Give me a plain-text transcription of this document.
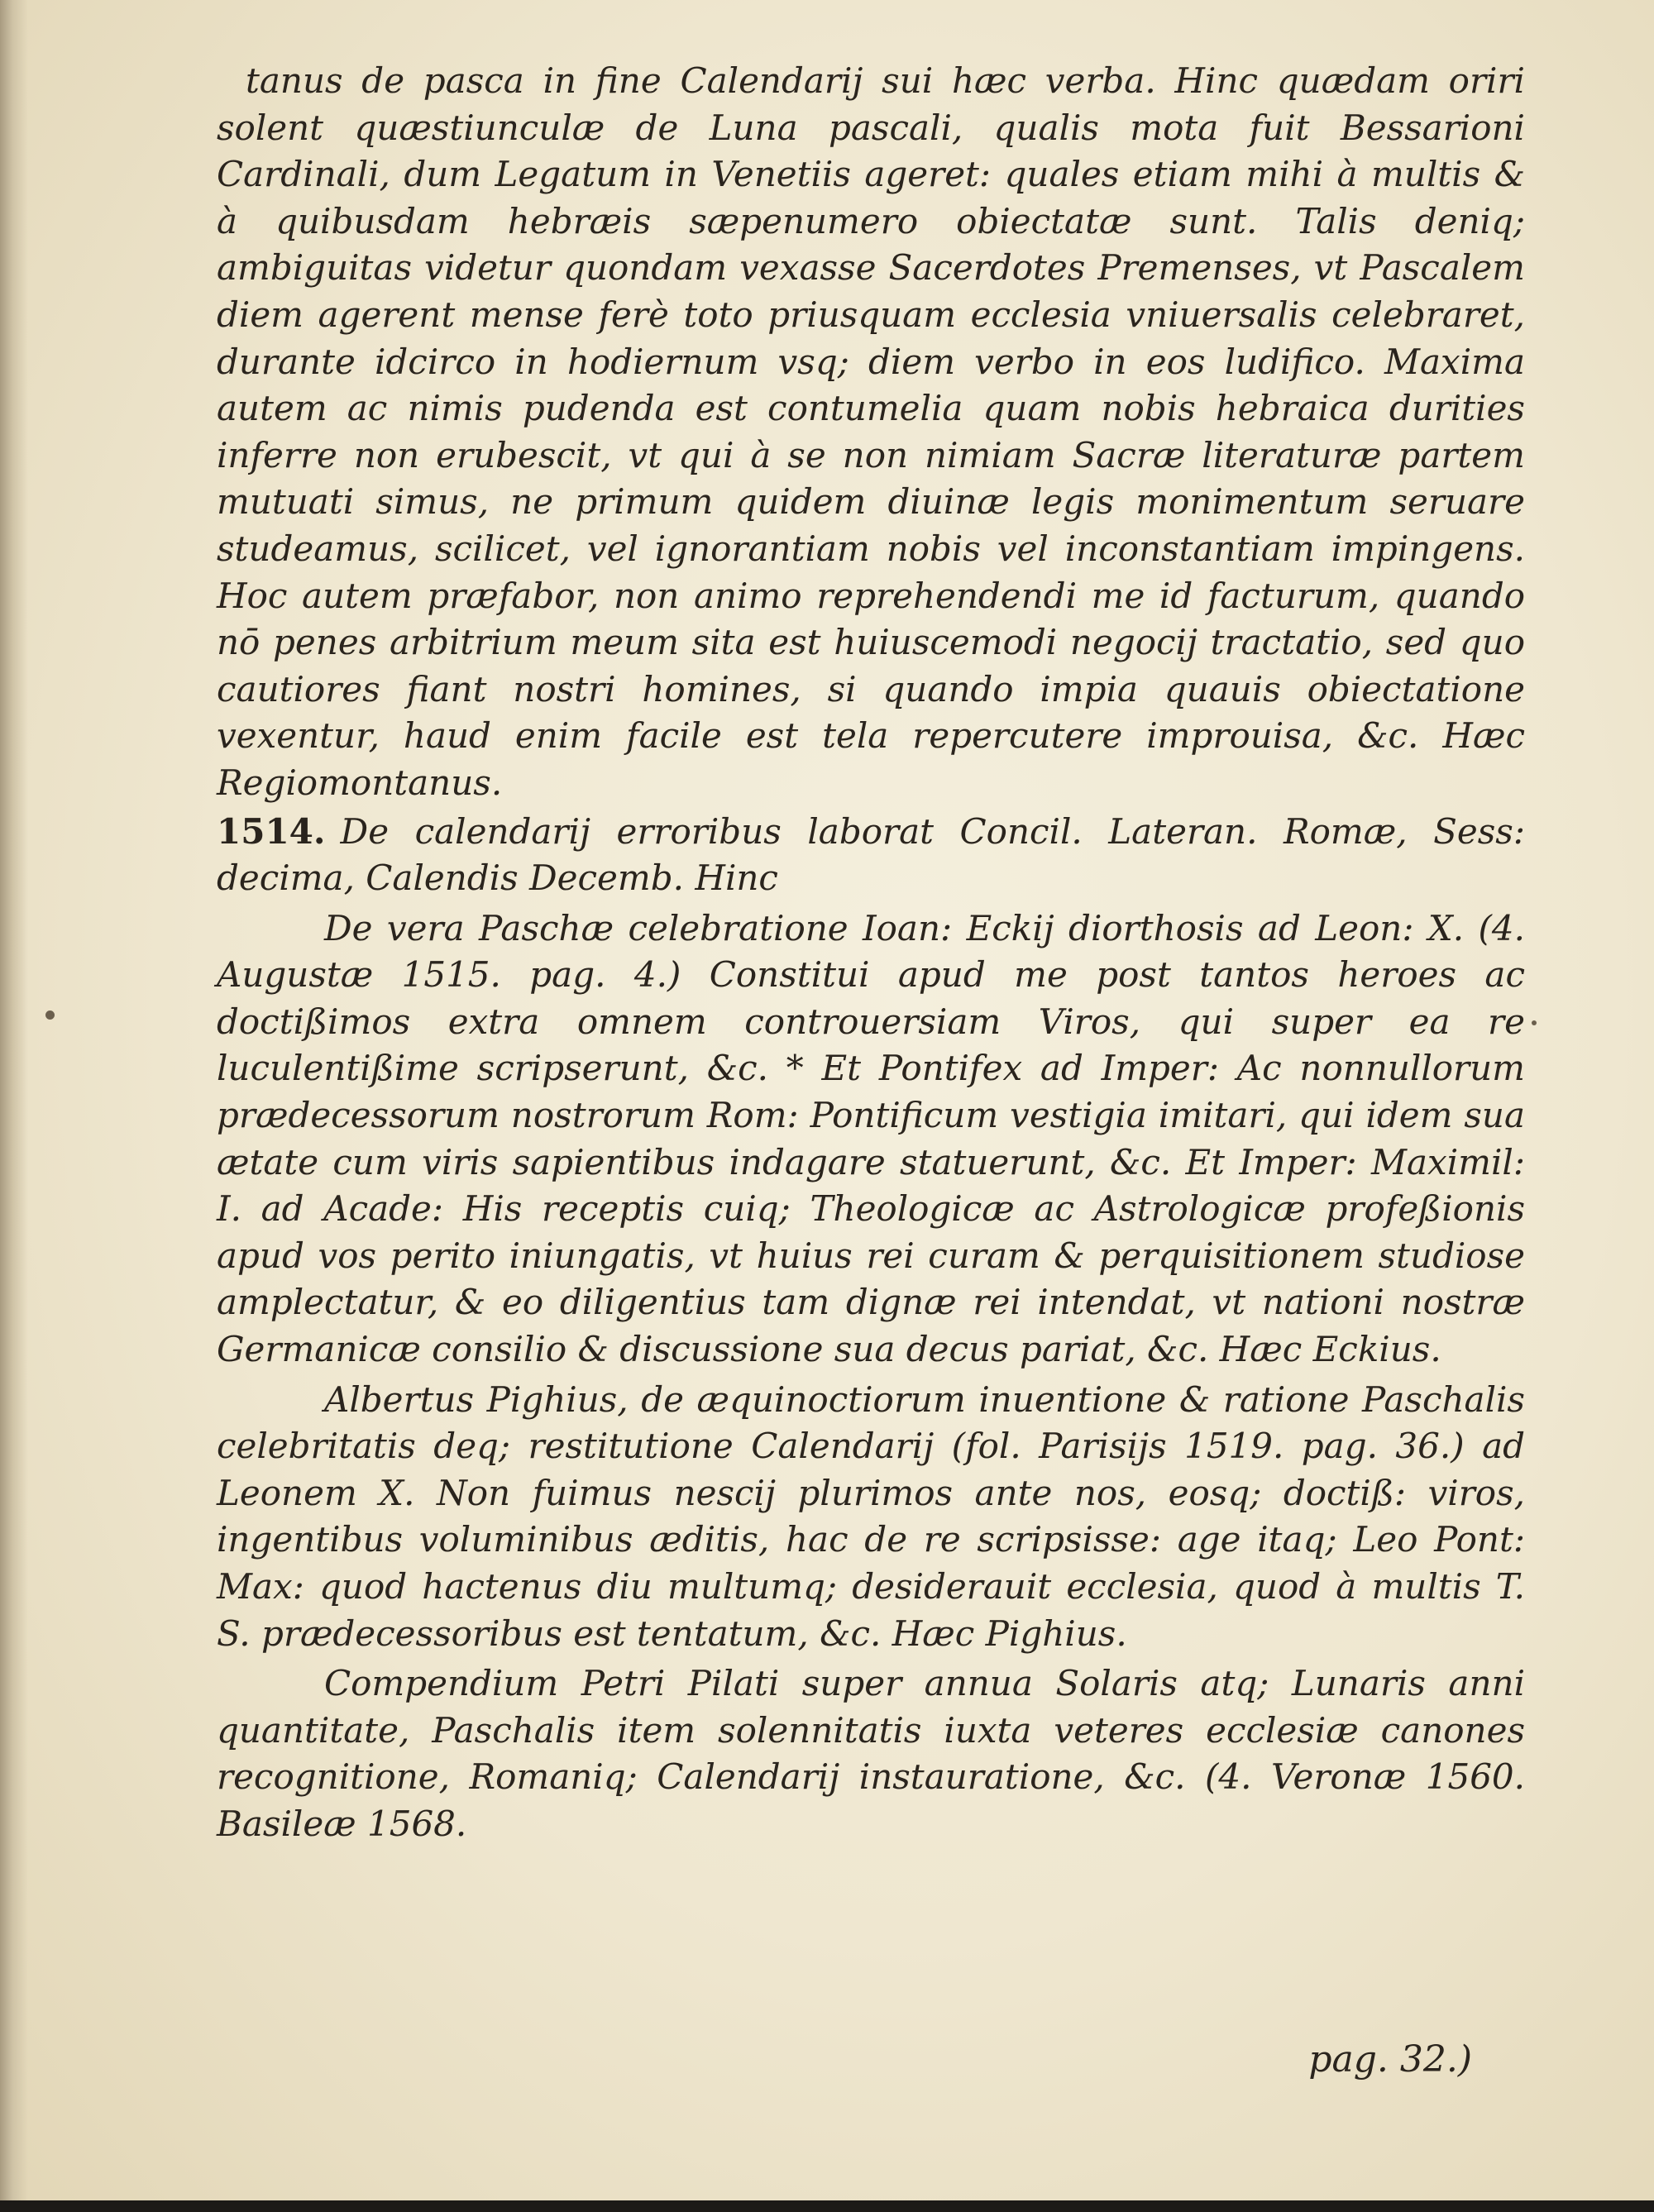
tanus de pasca in fine Calendarij sui hæc verba. Hinc quædam oriri solent quæstiunculæ de Luna pascali, qualis mota fuit Bessarioni Cardinali, dum Legatum in Venetiis ageret: quales etiam mihi à multis & à quibusdam hebræis sæpenumero obiectatæ sunt. Talis deniq; ambiguitas videtur quondam vexasse Sacerdotes Premenses, vt Pascalem diem agerent mense ferè toto priusquam ecclesia vniuersalis celebraret, durante idcirco in hodiernum vsq; diem verbo in eos ludifico. Maxima autem ac nimis pudenda est contumelia quam nobis hebraica durities inferre non erubescit, vt qui à se non nimiam Sacræ literaturæ partem mutuati simus, ne primum quidem diuinæ legis monimentum seruare studeamus, scilicet, vel ignorantiam nobis vel inconstantiam impingens. Hoc autem præfabor, non animo reprehendendi me id facturum, quando nō penes arbitrium meum sita est huiuscemodi negocij tractatio, sed quo cautiores fiant nostri homines, si quando impia quauis obiectatione vexentur, haud enim facile est tela repercutere improuisa, &c. Hæc Regiomontanus.

1514. De calendarij erroribus laborat Concil. Lateran. Romæ, Sess: decima, Calendis Decemb. Hinc

De vera Paschæ celebratione Ioan: Eckij diorthosis ad Leon: X. (4. Augustæ 1515. pag. 4.) Constitui apud me post tantos heroes ac doctißimos extra omnem controuersiam Viros, qui super ea re luculentißime scripserunt, &c. * Et Pontifex ad Imper: Ac nonnullorum prædecessorum nostrorum Rom: Pontificum vestigia imitari, qui idem sua ætate cum viris sapientibus indagare statuerunt, &c. Et Imper: Maximil: I. ad Acade: His receptis cuiq; Theologicæ ac Astrologicæ profeßionis apud vos perito iniungatis, vt huius rei curam & perquisitionem studiose amplectatur, & eo diligentius tam dignæ rei intendat, vt nationi nostræ Germanicæ consilio & discussione sua decus pariat, &c. Hæc Eckius.

Albertus Pighius, de æquinoctiorum inuentione & ratione Paschalis celebritatis deq; restitutione Calendarij (fol. Parisijs 1519. pag. 36.) ad Leonem X. Non fuimus nescij plurimos ante nos, eosq; doctiß: viros, ingentibus voluminibus æditis, hac de re scripsisse: age itaq; Leo Pont: Max: quod hactenus diu multumq; desiderauit ecclesia, quod à multis T. S. prædecessoribus est tentatum, &c. Hæc Pighius.

Compendium Petri Pilati super annua Solaris atq; Lunaris anni quantitate, Paschalis item solennitatis iuxta veteres ecclesiæ canones recognitione, Romaniq; Calendarij instauratione, &c. (4. Veronæ 1560. Basileæ 1568.

pag. 32.)
